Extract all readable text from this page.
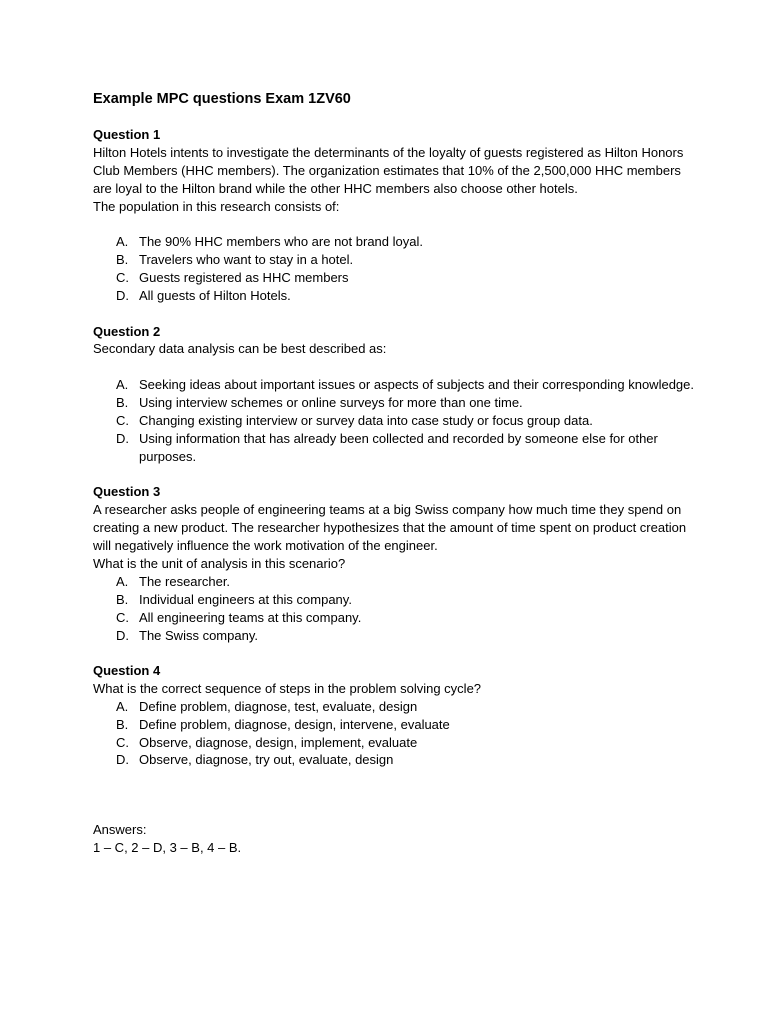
Example MPC questions Exam 1ZV60

Question 1

Hilton Hotels intents to investigate the determinants of the loyalty of guests registered as Hilton Honors Club Members (HHC members). The organization estimates that 10% of the 2,500,000 HHC members are loyal to the Hilton brand while the other HHC members also choose other hotels.

The population in this research consists of:

A. The 90% HHC members who are not brand loyal.
B. Travelers who want to stay in a hotel.
C. Guests registered as HHC members
D. All guests of Hilton Hotels.

Question 2

Secondary data analysis can be best described as:

A. Seeking ideas about important issues or aspects of subjects and their corresponding knowledge.
B. Using interview schemes or online surveys for more than one time.
C. Changing existing interview or survey data into case study or focus group data.
D. Using information that has already been collected and recorded by someone else for other purposes.

Question 3

A researcher asks people of engineering teams at a big Swiss company how much time they spend on creating a new product. The researcher hypothesizes that the amount of time spent on product creation will negatively influence the work motivation of the engineer.

What is the unit of analysis in this scenario?

A. The researcher.
B. Individual engineers at this company.
C. All engineering teams at this company.
D. The Swiss company.

Question 4

What is the correct sequence of steps in the problem solving cycle?

A. Define problem, diagnose, test, evaluate, design
B. Define problem, diagnose, design, intervene, evaluate
C. Observe, diagnose, design, implement, evaluate
D. Observe, diagnose, try out, evaluate, design

Answers:

1 – C, 2 – D, 3 – B, 4 – B.
